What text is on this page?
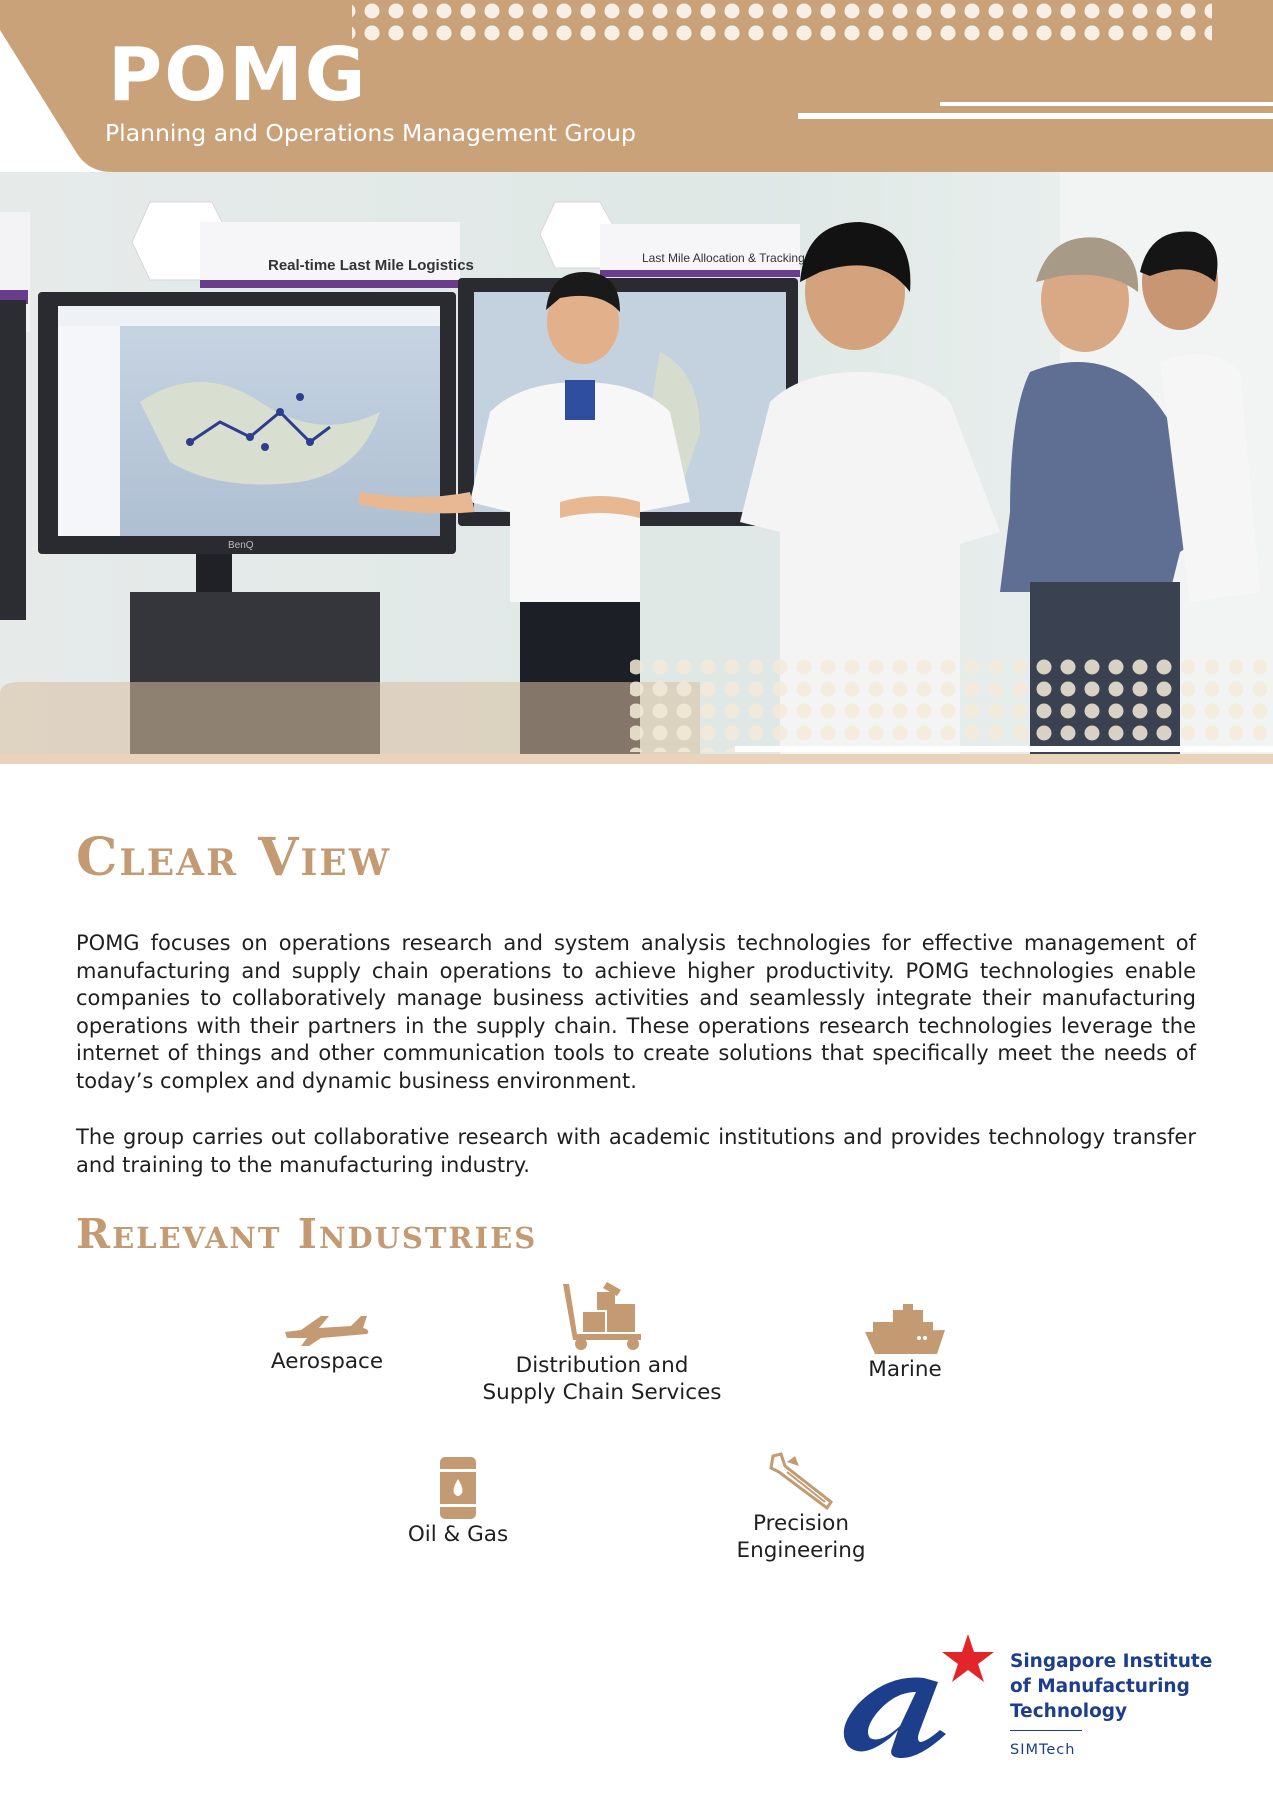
POMG
Planning and Operations Management Group
Real-time Last Mile Logistics
BenQ
Last Mile Allocation & Tracking
Clear View

POMG focuses on operations research and system analysis technologies for effective management of manufacturing and supply chain operations to achieve higher productivity. POMG technologies enable companies to collaboratively manage business activities and seamlessly integrate their manufacturing operations with their partners in the supply chain. These operations research technologies leverage the internet of things and other communication tools to create solutions that specifically meet the needs of today’s complex and dynamic business environment.

The group carries out collaborative research with academic institutions and provides technology transfer and training to the manufacturing industry.

Relevant Industries
Aerospace	Distribution and
Supply Chain Services
Marine
Oil & Gas	Precision
Engineering
Singapore Institute
of Manufacturing
Technology
SIMTech
